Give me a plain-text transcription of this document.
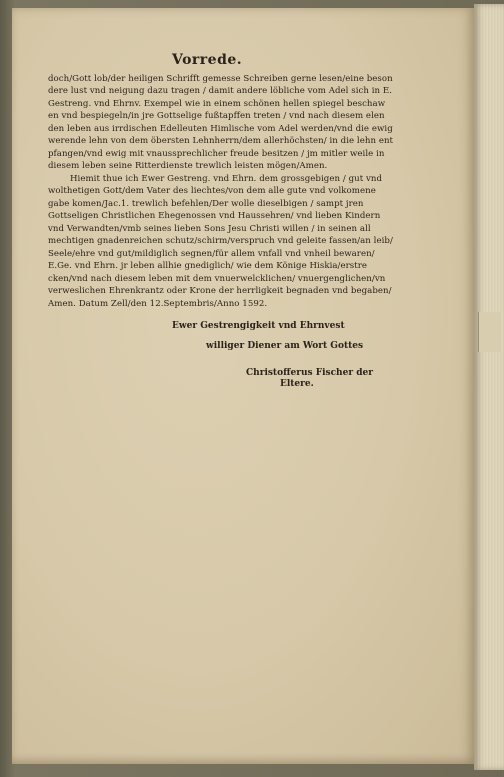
Vorrede.
doch/Gott lob/der heiligen Schrifft gemesse Schreiben gerne lesen/eine beson
dere lust vnd neigung dazu tragen / damit andere löbliche vom Adel sich in E.
Gestreng. vnd Ehrnv. Exempel wie in einem schönen hellen spiegel beschaw
en vnd bespiegeln/in jre Gottselige fußtapffen treten / vnd nach diesem elen
den leben aus irrdischen Edelleuten Himlische vom Adel werden/vnd die ewig
werende lehn von dem öbersten Lehnherrn/dem allerhöchsten/ in die lehn ent
pfangen/vnd ewig mit vnaussprechlicher freude besitzen / jm mitler weile in
diesem leben seine Ritterdienste trewlich leisten mögen/Amen.
Hiemit thue ich Ewer Gestreng. vnd Ehrn. dem grossgebigen / gut vnd
wolthetigen Gott/dem Vater des liechtes/von dem alle gute vnd volkomene
gabe komen/Jac.1. trewlich befehlen/Der wolle dieselbigen / sampt jren
Gottseligen Christlichen Ehegenossen vnd Haussehren/ vnd lieben Kindern
vnd Verwandten/vmb seines lieben Sons Jesu Christi willen / in seinen all
mechtigen gnadenreichen schutz/schirm/verspruch vnd geleite fassen/an leib/
Seele/ehre vnd gut/mildiglich segnen/für allem vnfall vnd vnheil bewaren/
E.Ge. vnd Ehrn. jr leben allhie gnediglich/ wie dem Könige Hiskia/erstre
cken/vnd nach diesem leben mit dem vnuerwelcklichen/ vnuergenglichen/vn
verweslichen Ehrenkrantz oder Krone der herrligkeit begnaden vnd begaben/
Amen. Datum Zell/den 12.Septembris/Anno 1592.
Ewer Gestrengigkeit vnd Ehrnvest
williger Diener am Wort Gottes
Christofferus Fischer der
Eltere.
